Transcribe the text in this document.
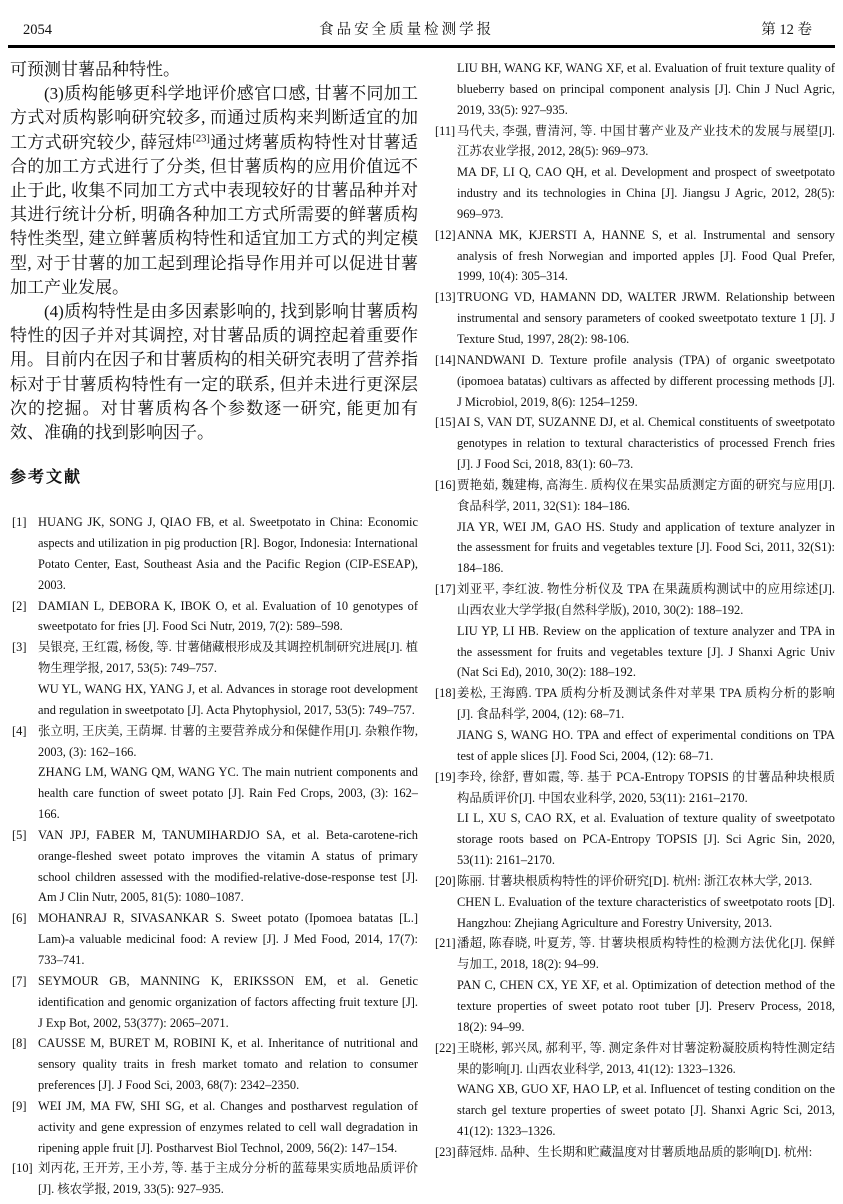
2054	食品安全质量检测学报	第 12 卷

可预测甘薯品种特性。

(3)质构能够更科学地评价感官口感, 甘薯不同加工方式对质构影响研究较多, 而通过质构来判断适宜的加工方式研究较少, 薛冠炜[23]通过烤薯质构特性对甘薯适合的加工方式进行了分类, 但甘薯质构的应用价值远不止于此, 收集不同加工方式中表现较好的甘薯品种并对其进行统计分析, 明确各种加工方式所需要的鲜薯质构特性类型, 建立鲜薯质构特性和适宜加工方式的判定模型, 对于甘薯的加工起到理论指导作用并可以促进甘薯加工产业发展。

(4)质构特性是由多因素影响的, 找到影响甘薯质构特性的因子并对其调控, 对甘薯品质的调控起着重要作用。目前内在因子和甘薯质构的相关研究表明了营养指标对于甘薯质构特性有一定的联系, 但并未进行更深层次的挖掘。对甘薯质构各个参数逐一研究, 能更加有效、准确的找到影响因子。

参考文献
[1] HUANG JK, SONG J, QIAO FB, et al. Sweetpotato in China: Economic aspects and utilization in pig production [R]. Bogor, Indonesia: International Potato Center, East, Southeast Asia and the Pacific Region (CIP-ESEAP), 2003.
[2] DAMIAN L, DEBORA K, IBOK O, et al. Evaluation of 10 genotypes of sweetpotato for fries [J]. Food Sci Nutr, 2019, 7(2): 589–598.
[3] 吴银亮, 王红霞, 杨俊, 等. 甘薯储藏根形成及其调控机制研究进展[J]. 植物生理学报, 2017, 53(5): 749–757.
WU YL, WANG HX, YANG J, et al. Advances in storage root development and regulation in sweetpotato [J]. Acta Phytophysiol, 2017, 53(5): 749–757.
[4] 张立明, 王庆美, 王荫墀. 甘薯的主要营养成分和保健作用[J]. 杂粮作物, 2003, (3): 162–166.
ZHANG LM, WANG QM, WANG YC. The main nutrient components and health care function of sweet potato [J]. Rain Fed Crops, 2003, (3): 162–166.
[5] VAN JPJ, FABER M, TANUMIHARDJO SA, et al. Beta-carotene-rich orange-fleshed sweet potato improves the vitamin A status of primary school children assessed with the modified-relative-dose-response test [J]. Am J Clin Nutr, 2005, 81(5): 1080–1087.
[6] MOHANRAJ R, SIVASANKAR S. Sweet potato (Ipomoea batatas [L.] Lam)-a valuable medicinal food: A review [J]. J Med Food, 2014, 17(7): 733–741.
[7] SEYMOUR GB, MANNING K, ERIKSSON EM, et al. Genetic identification and genomic organization of factors affecting fruit texture [J]. J Exp Bot, 2002, 53(377): 2065–2071.
[8] CAUSSE M, BURET M, ROBINI K, et al. Inheritance of nutritional and sensory quality traits in fresh market tomato and relation to consumer preferences [J]. J Food Sci, 2003, 68(7): 2342–2350.
[9] WEI JM, MA FW, SHI SG, et al. Changes and postharvest regulation of activity and gene expression of enzymes related to cell wall degradation in ripening apple fruit [J]. Postharvest Biol Technol, 2009, 56(2): 147–154.
[10] 刘丙花, 王开芳, 王小芳, 等. 基于主成分分析的蓝莓果实质地品质评价[J]. 核农学报, 2019, 33(5): 927–935.
LIU BH, WANG KF, WANG XF, et al. Evaluation of fruit texture quality of blueberry based on principal component analysis [J]. Chin J Nucl Agric, 2019, 33(5): 927–935.
[11] 马代夫, 李强, 曹清河, 等. 中国甘薯产业及产业技术的发展与展望[J]. 江苏农业学报, 2012, 28(5): 969–973.
MA DF, LI Q, CAO QH, et al. Development and prospect of sweetpotato industry and its technologies in China [J]. Jiangsu J Agric, 2012, 28(5): 969–973.
[12] ANNA MK, KJERSTI A, HANNE S, et al. Instrumental and sensory analysis of fresh Norwegian and imported apples [J]. Food Qual Prefer, 1999, 10(4): 305–314.
[13] TRUONG VD, HAMANN DD, WALTER JRWM. Relationship between instrumental and sensory parameters of cooked sweetpotato texture 1 [J]. J Texture Stud, 1997, 28(2): 98-106.
[14] NANDWANI D. Texture profile analysis (TPA) of organic sweetpotato (ipomoea batatas) cultivars as affected by different processing methods [J]. J Microbiol, 2019, 8(6): 1254–1259.
[15] AI S, VAN DT, SUZANNE DJ, et al. Chemical constituents of sweetpotato genotypes in relation to textural characteristics of processed French fries [J]. J Food Sci, 2018, 83(1): 60–73.
[16] 贾艳茹, 魏建梅, 高海生. 质构仪在果实品质测定方面的研究与应用[J]. 食品科学, 2011, 32(S1): 184–186.
JIA YR, WEI JM, GAO HS. Study and application of texture analyzer in the assessment for fruits and vegetables texture [J]. Food Sci, 2011, 32(S1): 184–186.
[17] 刘亚平, 李红波. 物性分析仪及 TPA 在果蔬质构测试中的应用综述[J]. 山西农业大学学报(自然科学版), 2010, 30(2): 188–192.
LIU YP, LI HB. Review on the application of texture analyzer and TPA in the assessment for fruits and vegetables texture [J]. J Shanxi Agric Univ (Nat Sci Ed), 2010, 30(2): 188–192.
[18] 姜松, 王海鸥. TPA 质构分析及测试条件对苹果 TPA 质构分析的影响[J]. 食品科学, 2004, (12): 68–71.
JIANG S, WANG HO. TPA and effect of experimental conditions on TPA test of apple slices [J]. Food Sci, 2004, (12): 68–71.
[19] 李玲, 徐舒, 曹如霞, 等. 基于 PCA-Entropy TOPSIS 的甘薯品种块根质构品质评价[J]. 中国农业科学, 2020, 53(11): 2161–2170.
LI L, XU S, CAO RX, et al. Evaluation of texture quality of sweetpotato storage roots based on PCA-Entropy TOPSIS [J]. Sci Agric Sin, 2020, 53(11): 2161–2170.
[20] 陈丽. 甘薯块根质构特性的评价研究[D]. 杭州: 浙江农林大学, 2013.
CHEN L. Evaluation of the texture characteristics of sweetpotato roots [D]. Hangzhou: Zhejiang Agriculture and Forestry University, 2013.
[21] 潘超, 陈春晓, 叶夏芳, 等. 甘薯块根质构特性的检测方法优化[J]. 保鲜与加工, 2018, 18(2): 94–99.
PAN C, CHEN CX, YE XF, et al. Optimization of detection method of the texture properties of sweet potato root tuber [J]. Preserv Process, 2018, 18(2): 94–99.
[22] 王晓彬, 郭兴凤, 郝利平, 等. 测定条件对甘薯淀粉凝胶质构特性测定结果的影响[J]. 山西农业科学, 2013, 41(12): 1323–1326.
WANG XB, GUO XF, HAO LP, et al. Influencet of testing condition on the starch gel texture properties of sweet potato [J]. Shanxi Agric Sci, 2013, 41(12): 1323–1326.
[23] 薛冠炜. 品种、生长期和贮藏温度对甘薯质地品质的影响[D]. 杭州:
